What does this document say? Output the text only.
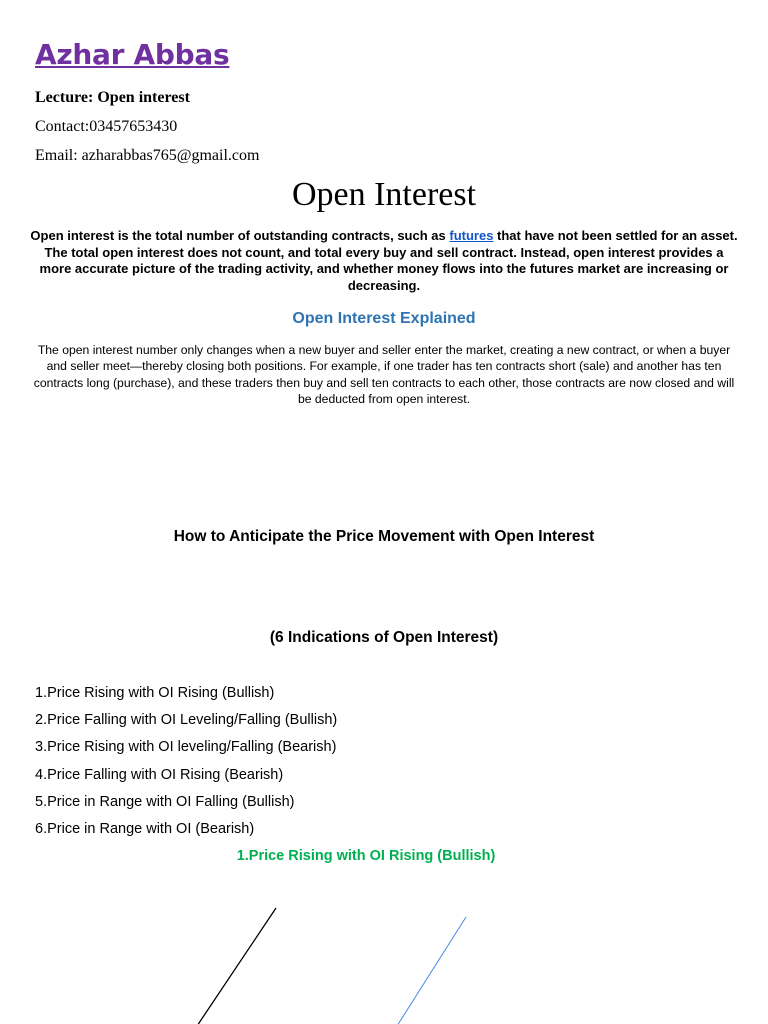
Azhar Abbas
Lecture: Open interest
Contact:03457653430
Email: azharabbas765@gmail.com
Open Interest
Open interest is the total number of outstanding contracts, such as futures that have not been settled for an asset. The total open interest does not count, and total every buy and sell contract. Instead, open interest provides a more accurate picture of the trading activity, and whether money flows into the futures market are increasing or decreasing.
Open Interest Explained
The open interest number only changes when a new buyer and seller enter the market, creating a new contract, or when a buyer and seller meet—thereby closing both positions. For example, if one trader has ten contracts short (sale) and another has ten contracts long (purchase), and these traders then buy and sell ten contracts to each other, those contracts are now closed and will be deducted from open interest.
How to Anticipate the Price Movement with Open Interest
(6 Indications of Open Interest)
1.Price Rising with OI Rising (Bullish)
2.Price Falling with OI Leveling/Falling (Bullish)
3.Price Rising with OI leveling/Falling (Bearish)
4.Price Falling with OI Rising (Bearish)
5.Price in Range with OI Falling (Bullish)
6.Price in Range with OI (Bearish)
1.Price Rising with OI Rising (Bullish)
